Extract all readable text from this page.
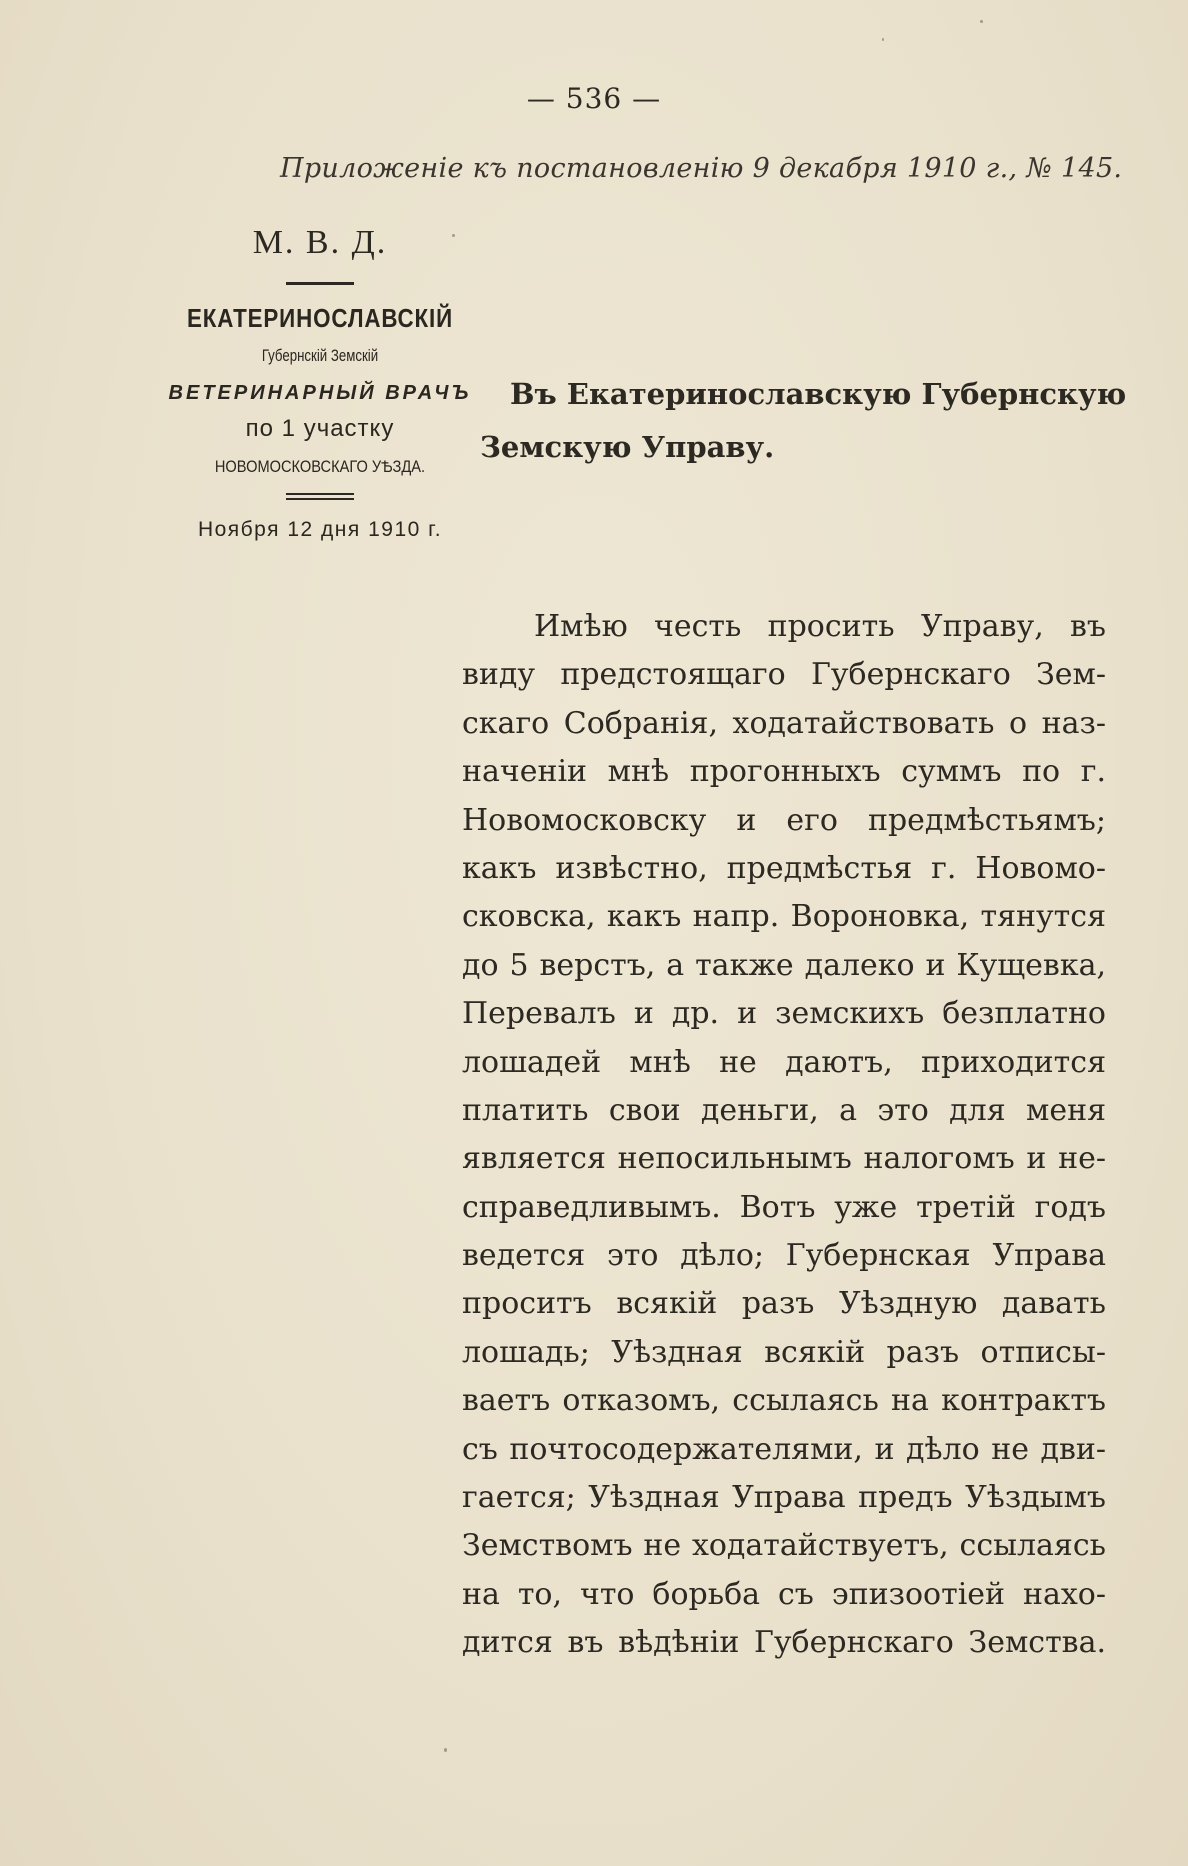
— 536 —
Приложеніе къ постановленію 9 декабря 1910 г., № 145.
М. В. Д.
ЕКАТЕРИНОСЛАВСКІЙ
Губернскій Земскій
ВЕТЕРИНАРНЫЙ ВРАЧЪ
по 1 участку
НОВОМОСКОВСКАГО УѢЗДА.
Ноября 12 дня 1910 г.
Въ Екатеринославскую Губернскую
Земскую Управу.
Имѣю честь просить Управу, въ
виду предстоящаго Губернскаго Зем-
скаго Собранія, ходатайствовать о наз-
наченіи мнѣ прогонныхъ суммъ по г.
Новомосковску и его предмѣстьямъ;
какъ извѣстно, предмѣстья г. Новомо-
сковска, какъ напр. Вороновка, тянутся
до 5 верстъ, а также далеко и Кущевка,
Перевалъ и др. и земскихъ безплатно
лошадей мнѣ не даютъ, приходится
платить свои деньги, а это для меня
является непосильнымъ налогомъ и не-
справедливымъ. Вотъ уже третій годъ
ведется это дѣло; Губернская Управа
проситъ всякій разъ Уѣздную давать
лошадь; Уѣздная всякій разъ отписы-
ваетъ отказомъ, ссылаясь на контрактъ
съ почтосодержателями, и дѣло не дви-
гается; Уѣздная Управа предъ Уѣздымъ
Земствомъ не ходатайствуетъ, ссылаясь
на то, что борьба съ эпизоотіей нахо-
дится въ вѣдѣніи Губернскаго Земства.
